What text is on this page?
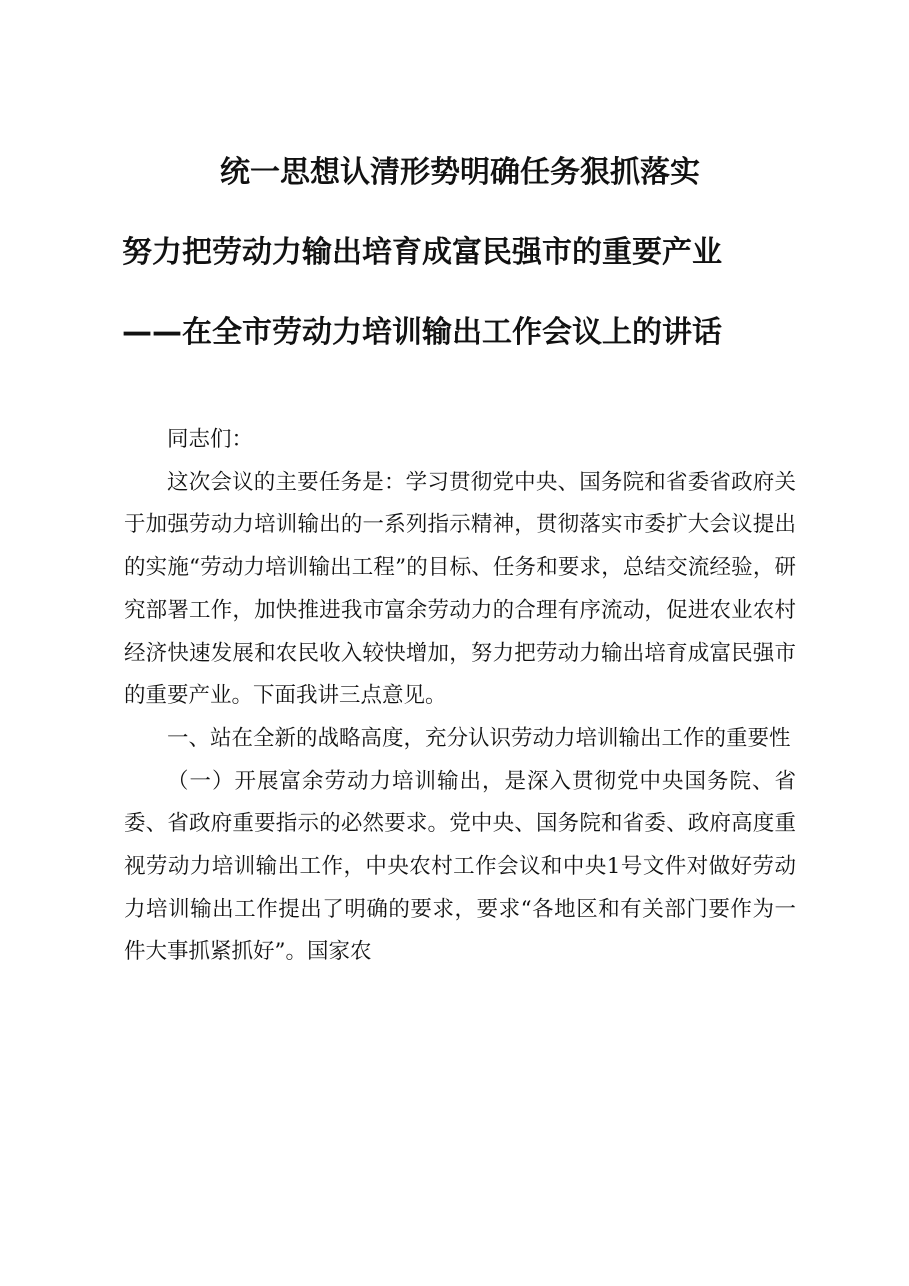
统一思想认清形势明确任务狠抓落实
努力把劳动力输出培育成富民强市的重要产业
——在全市劳动力培训输出工作会议上的讲话

同志们：

这次会议的主要任务是：学习贯彻党中央、国务院和省委省政府关于加强劳动力培训输出的一系列指示精神，贯彻落实市委扩大会议提出的实施“劳动力培训输出工程”的目标、任务和要求，总结交流经验，研究部署工作，加快推进我市富余劳动力的合理有序流动，促进农业农村经济快速发展和农民收入较快增加，努力把劳动力输出培育成富民强市的重要产业。下面我讲三点意见。

一、站在全新的战略高度，充分认识劳动力培训输出工作的重要性

（一）开展富余劳动力培训输出，是深入贯彻党中央国务院、省委、省政府重要指示的必然要求。党中央、国务院和省委、政府高度重视劳动力培训输出工作，中央农村工作会议和中央1号文件对做好劳动力培训输出工作提出了明确的要求，要求“各地区和有关部门要作为一件大事抓紧抓好”。国家农
